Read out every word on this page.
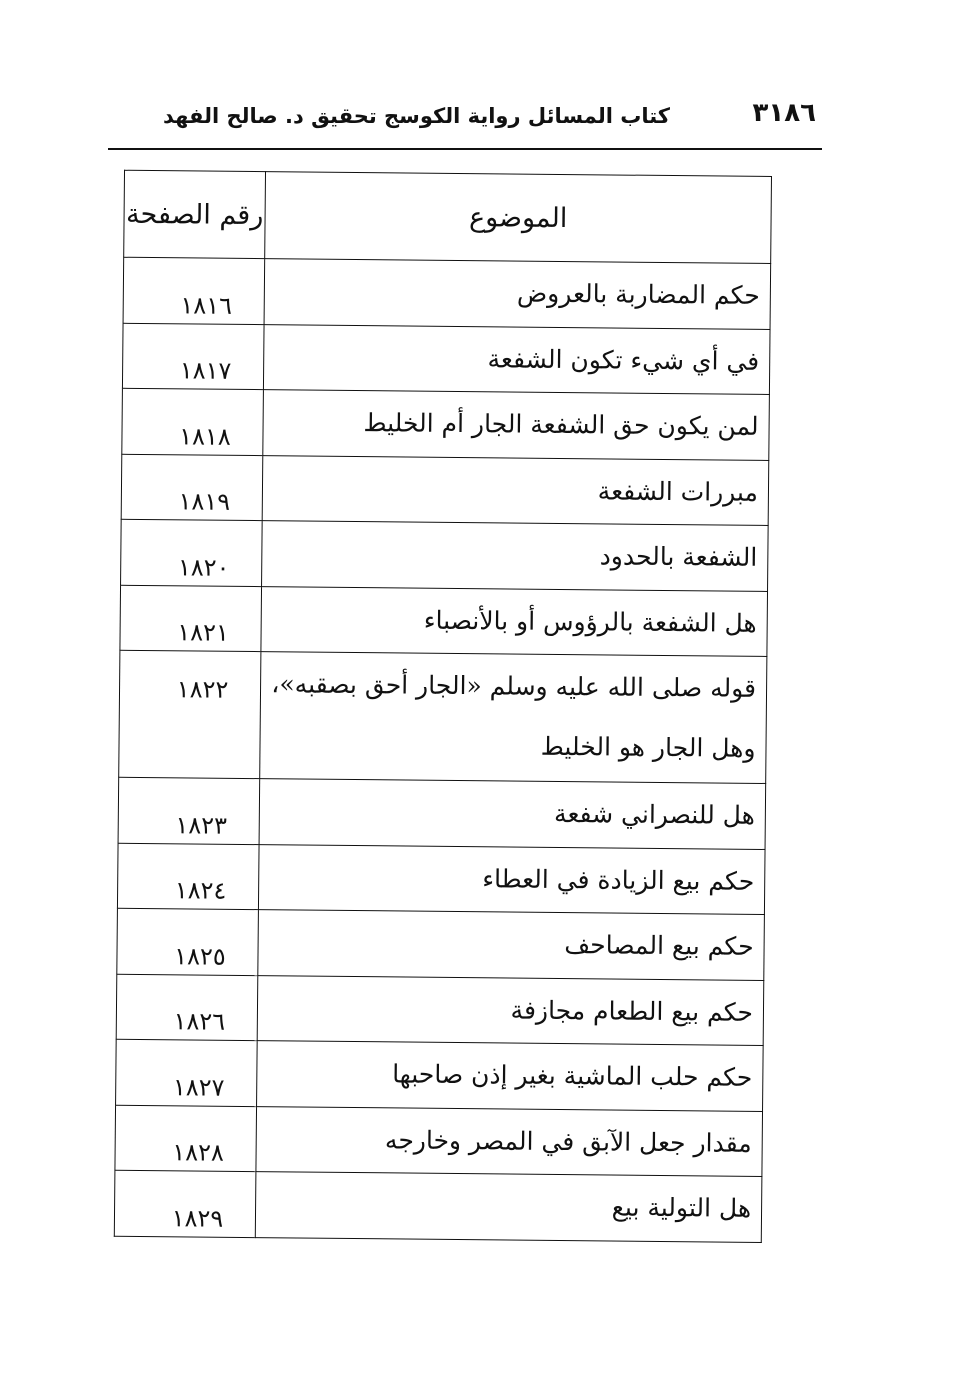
٣١٨٦
كتاب المسائل رواية الكوسج تحقيق د. صالح الفهد
الموضوع	رقم الصفحة
حكم المضاربة بالعروض	١٨١٦
في أي شيء تكون الشفعة	١٨١٧
لمن يكون حق الشفعة الجار أم الخليط	١٨١٨
مبررات الشفعة	١٨١٩
الشفعة بالحدود	١٨٢٠
هل الشفعة بالرؤوس أو بالأنصباء	١٨٢١

قوله صلى الله عليه وسلم «الجار أحق بصقبه»،
وهل الجار هو الخليط	١٨٢٢
هل للنصراني شفعة	١٨٢٣
حكم بيع الزيادة في العطاء	١٨٢٤
حكم بيع المصاحف	١٨٢٥
حكم بيع الطعام مجازفة	١٨٢٦
حكم حلب الماشية بغير إذن صاحبها	١٨٢٧
مقدار جعل الآبق في المصر وخارجه	١٨٢٨
هل التولية بيع	١٨٢٩
